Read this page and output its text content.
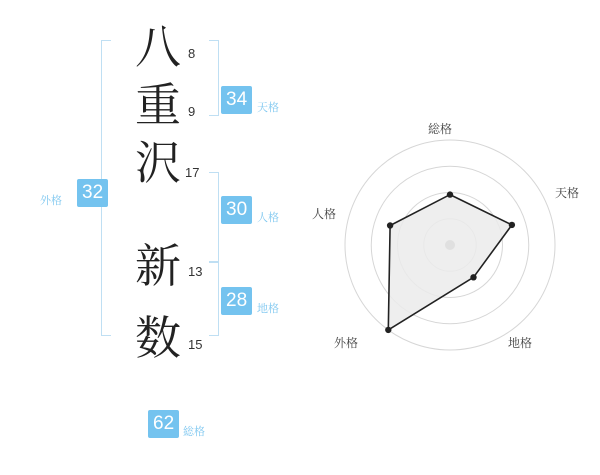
八
重
沢
新
数
8
9
17
13
15
34 天格
30 人格
28 地格
32
外格
62 総格
総格
天格
地格
外格
人格
